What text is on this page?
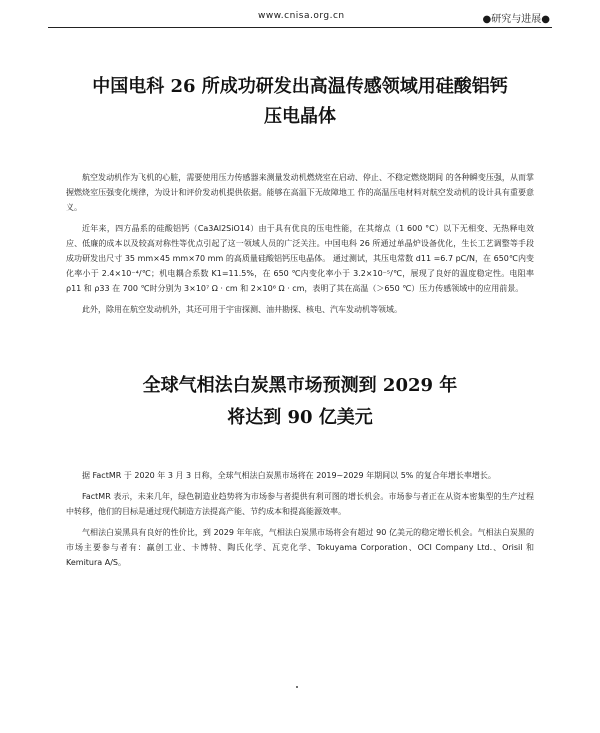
www.cnisa.org.cn	●研究与进展●
中国电科 26 所成功研发出高温传感领域用硅酸铝钙
压电晶体

航空发动机作为飞机的心脏，需要使用压力传感器来测量发动机燃烧室在启动、停止、不稳定燃烧期间 的各种瞬变压强，从而掌握燃烧室压强变化规律，为设计和评价发动机提供依据。能够在高温下无故障地工 作的高温压电材料对航空发动机的设计具有重要意义。

近年来，四方晶系的硅酸铝钙（Ca3Al2SiO14）由于具有优良的压电性能，在其熔点（1 600 °C）以下无相变、无热释电效应、低廉的成本以及较高对称性等优点引起了这一领域人员的广泛关注。中国电科 26 所通过单晶炉设备优化，生长工艺调整等手段成功研发出尺寸 35 mm×45 mm×70 mm 的高质量硅酸铝钙压电晶体。 通过测试，其压电常数 d11 =6.7 pC/N，在 650℃内变化率小于 2.4×10⁻⁴/℃；机电耦合系数 K1=11.5%，在 650 ℃内变化率小于 3.2×10⁻⁵/℃，展现了良好的温度稳定性。电阻率 ρ11 和 ρ33 在 700 ℃时分别为 3×10⁷ Ω · cm 和 2×10⁶ Ω · cm，表明了其在高温（＞650 ℃）压力传感领域中的应用前景。

此外，除用在航空发动机外，其还可用于宇宙探测、油井勘探、核电、汽车发动机等领域。

全球气相法白炭黑市场预测到 2029 年
将达到 90 亿美元

据 FactMR 于 2020 年 3 月 3 日称，全球气相法白炭黑市场将在 2019~2029 年期间以 5% 的复合年增长率增长。

FactMR 表示，未来几年，绿色制造业趋势将为市场参与者提供有利可图的增长机会。市场参与者正在从资本密集型的生产过程中转移，他们的目标是通过现代制造方法提高产能、节约成本和提高能源效率。

气相法白炭黑具有良好的性价比，到 2029 年年底，气相法白炭黑市场将会有超过 90 亿美元的稳定增长机会。气相法白炭黑的市场主要参与者有：赢创工业、卡博特、陶氏化学、瓦克化学、Tokuyama Corporation、OCI Company Ltd.、Orisil 和 Kemitura A/S。
